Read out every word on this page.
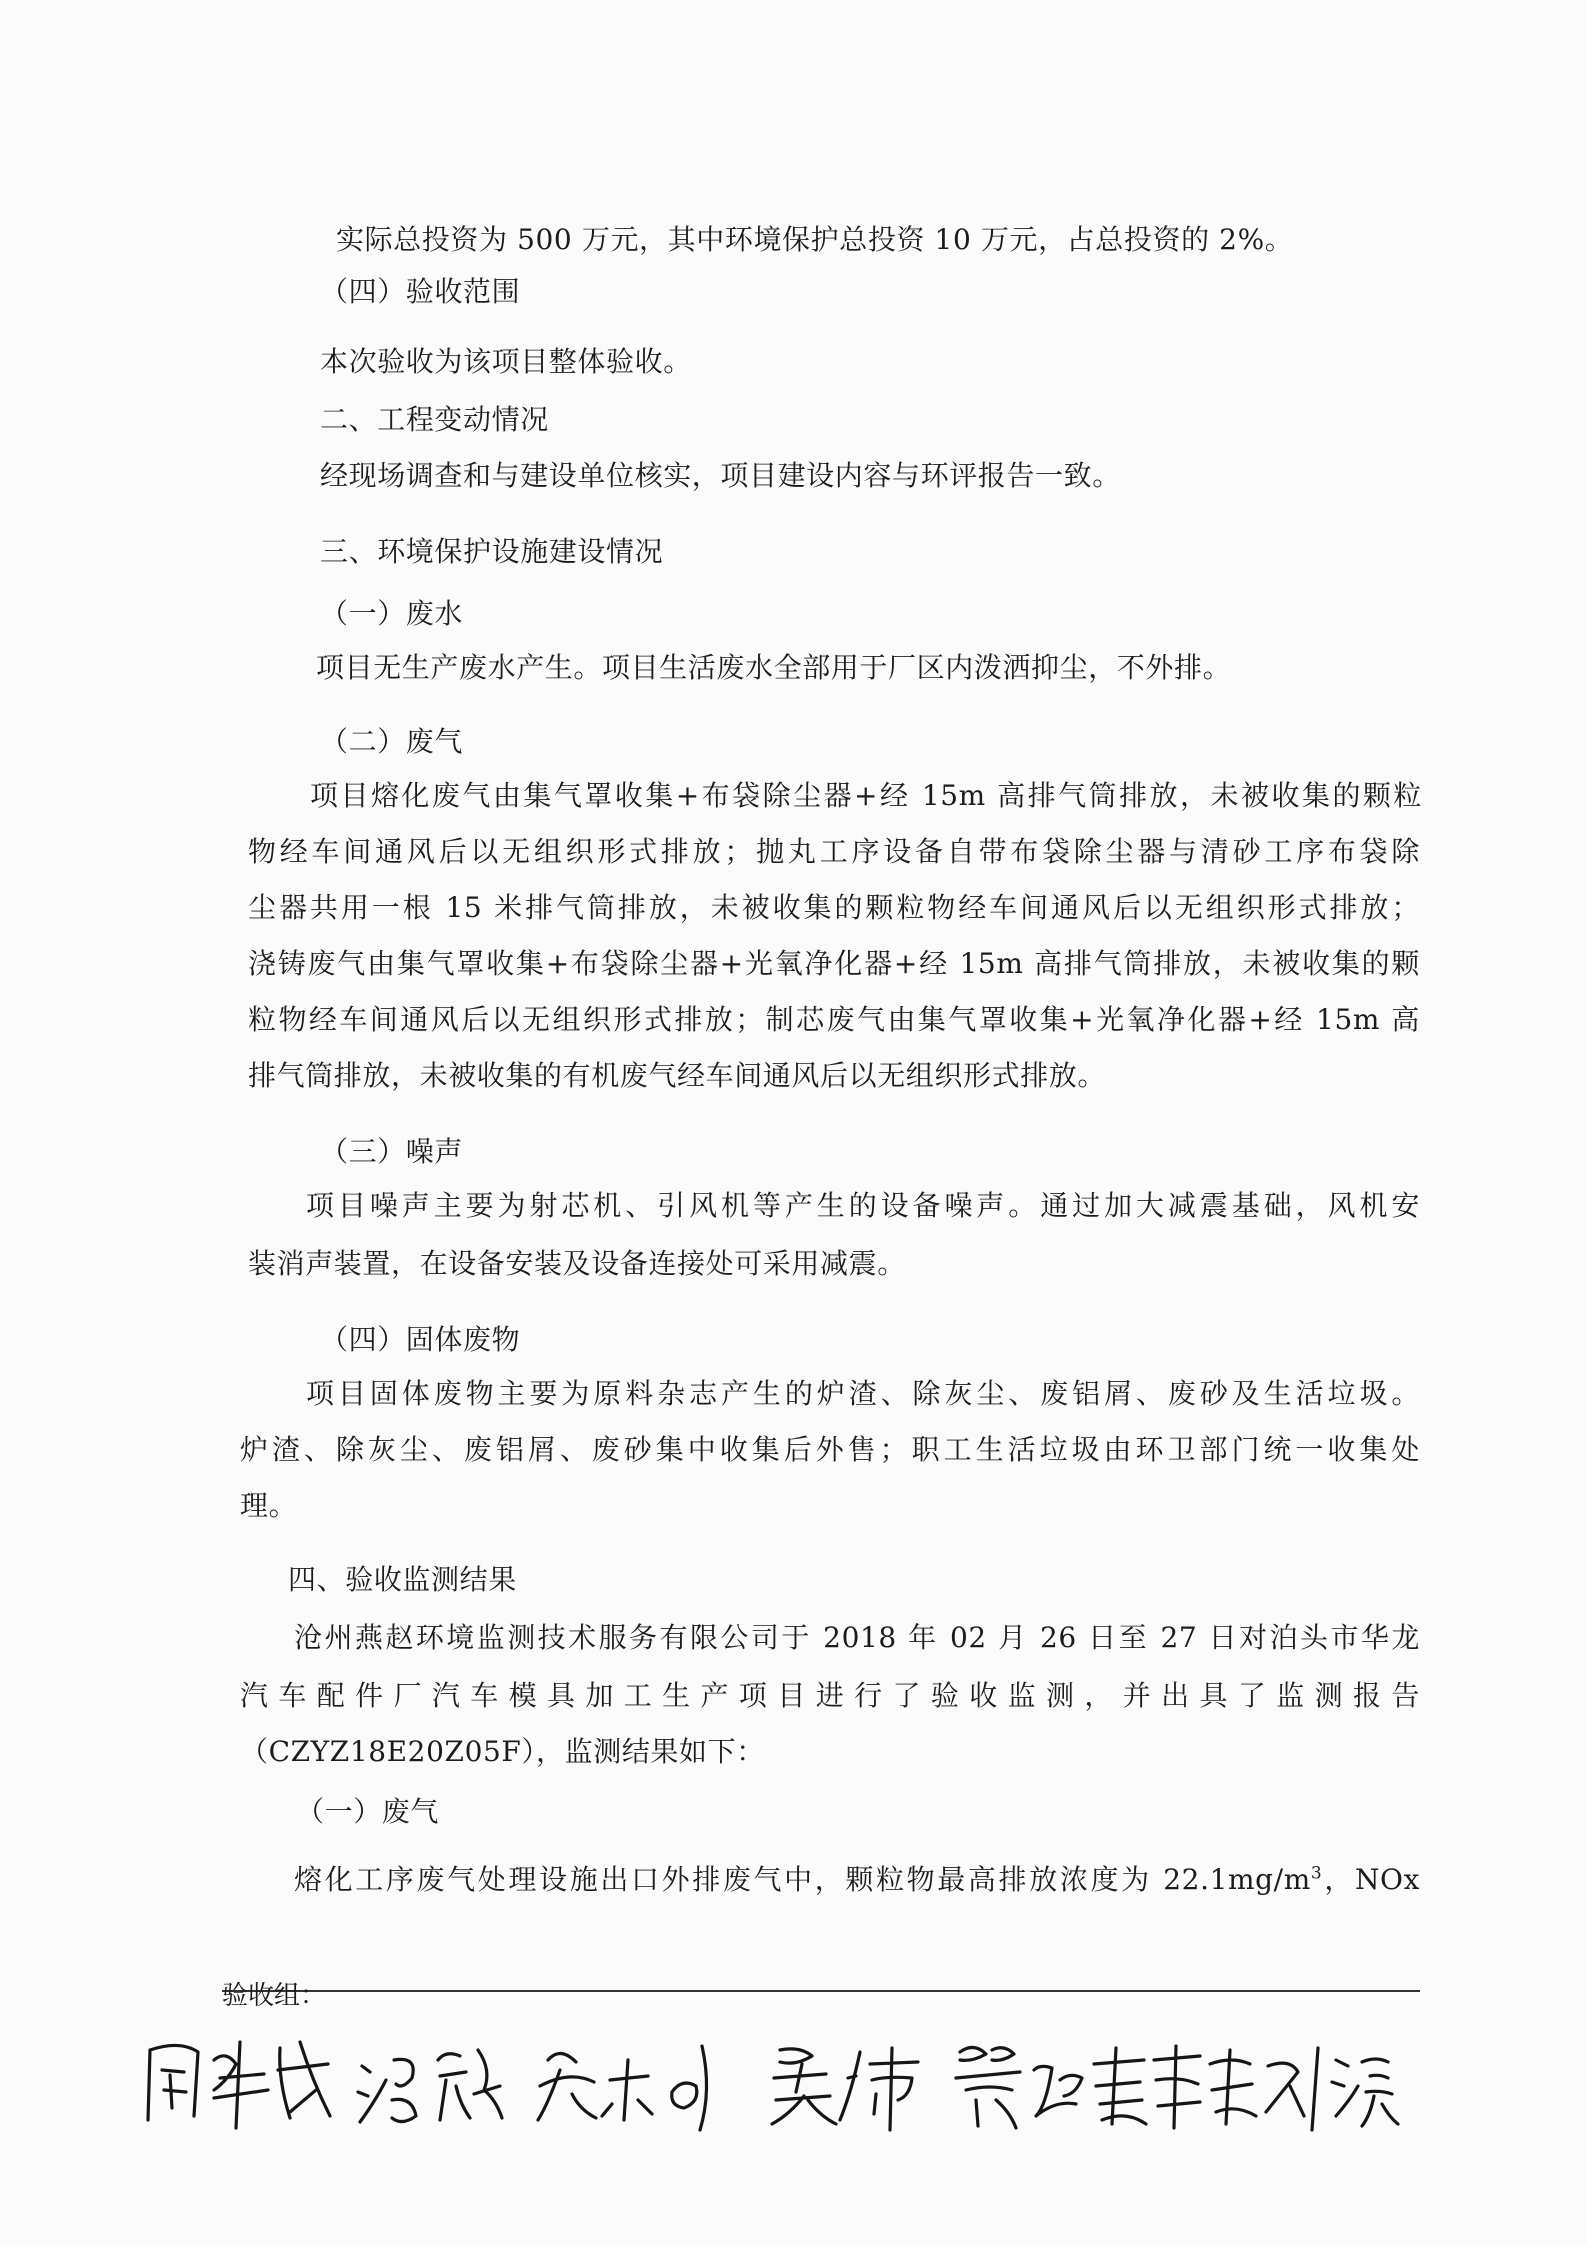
实际总投资为 500 万元，其中环境保护总投资 10 万元，占总投资的 2%。
（四）验收范围
本次验收为该项目整体验收。
二、工程变动情况
经现场调查和与建设单位核实，项目建设内容与环评报告一致。
三、环境保护设施建设情况
（一）废水
项目无生产废水产生。项目生活废水全部用于厂区内泼洒抑尘，不外排。
（二）废气
项目熔化废气由集气罩收集+布袋除尘器+经 15m 高排气筒排放，未被收集的颗粒
物经车间通风后以无组织形式排放；抛丸工序设备自带布袋除尘器与清砂工序布袋除
尘器共用一根 15 米排气筒排放，未被收集的颗粒物经车间通风后以无组织形式排放；
浇铸废气由集气罩收集+布袋除尘器+光氧净化器+经 15m 高排气筒排放，未被收集的颗
粒物经车间通风后以无组织形式排放；制芯废气由集气罩收集+光氧净化器+经 15m 高
排气筒排放，未被收集的有机废气经车间通风后以无组织形式排放。
（三）噪声
项目噪声主要为射芯机、引风机等产生的设备噪声。通过加大减震基础，风机安
装消声装置，在设备安装及设备连接处可采用减震。
（四）固体废物
项目固体废物主要为原料杂志产生的炉渣、除灰尘、废铝屑、废砂及生活垃圾。
炉渣、除灰尘、废铝屑、废砂集中收集后外售；职工生活垃圾由环卫部门统一收集处
理。
四、验收监测结果
沧州燕赵环境监测技术服务有限公司于 2018 年 02 月 26 日至 27 日对泊头市华龙
汽车配件厂汽车模具加工生产项目进行了验收监测，并出具了监测报告
（CZYZ18E20Z05F），监测结果如下：
（一）废气
熔化工序废气处理设施出口外排废气中，颗粒物最高排放浓度为 $22.1mg/m^3$，NOx
验收组：
